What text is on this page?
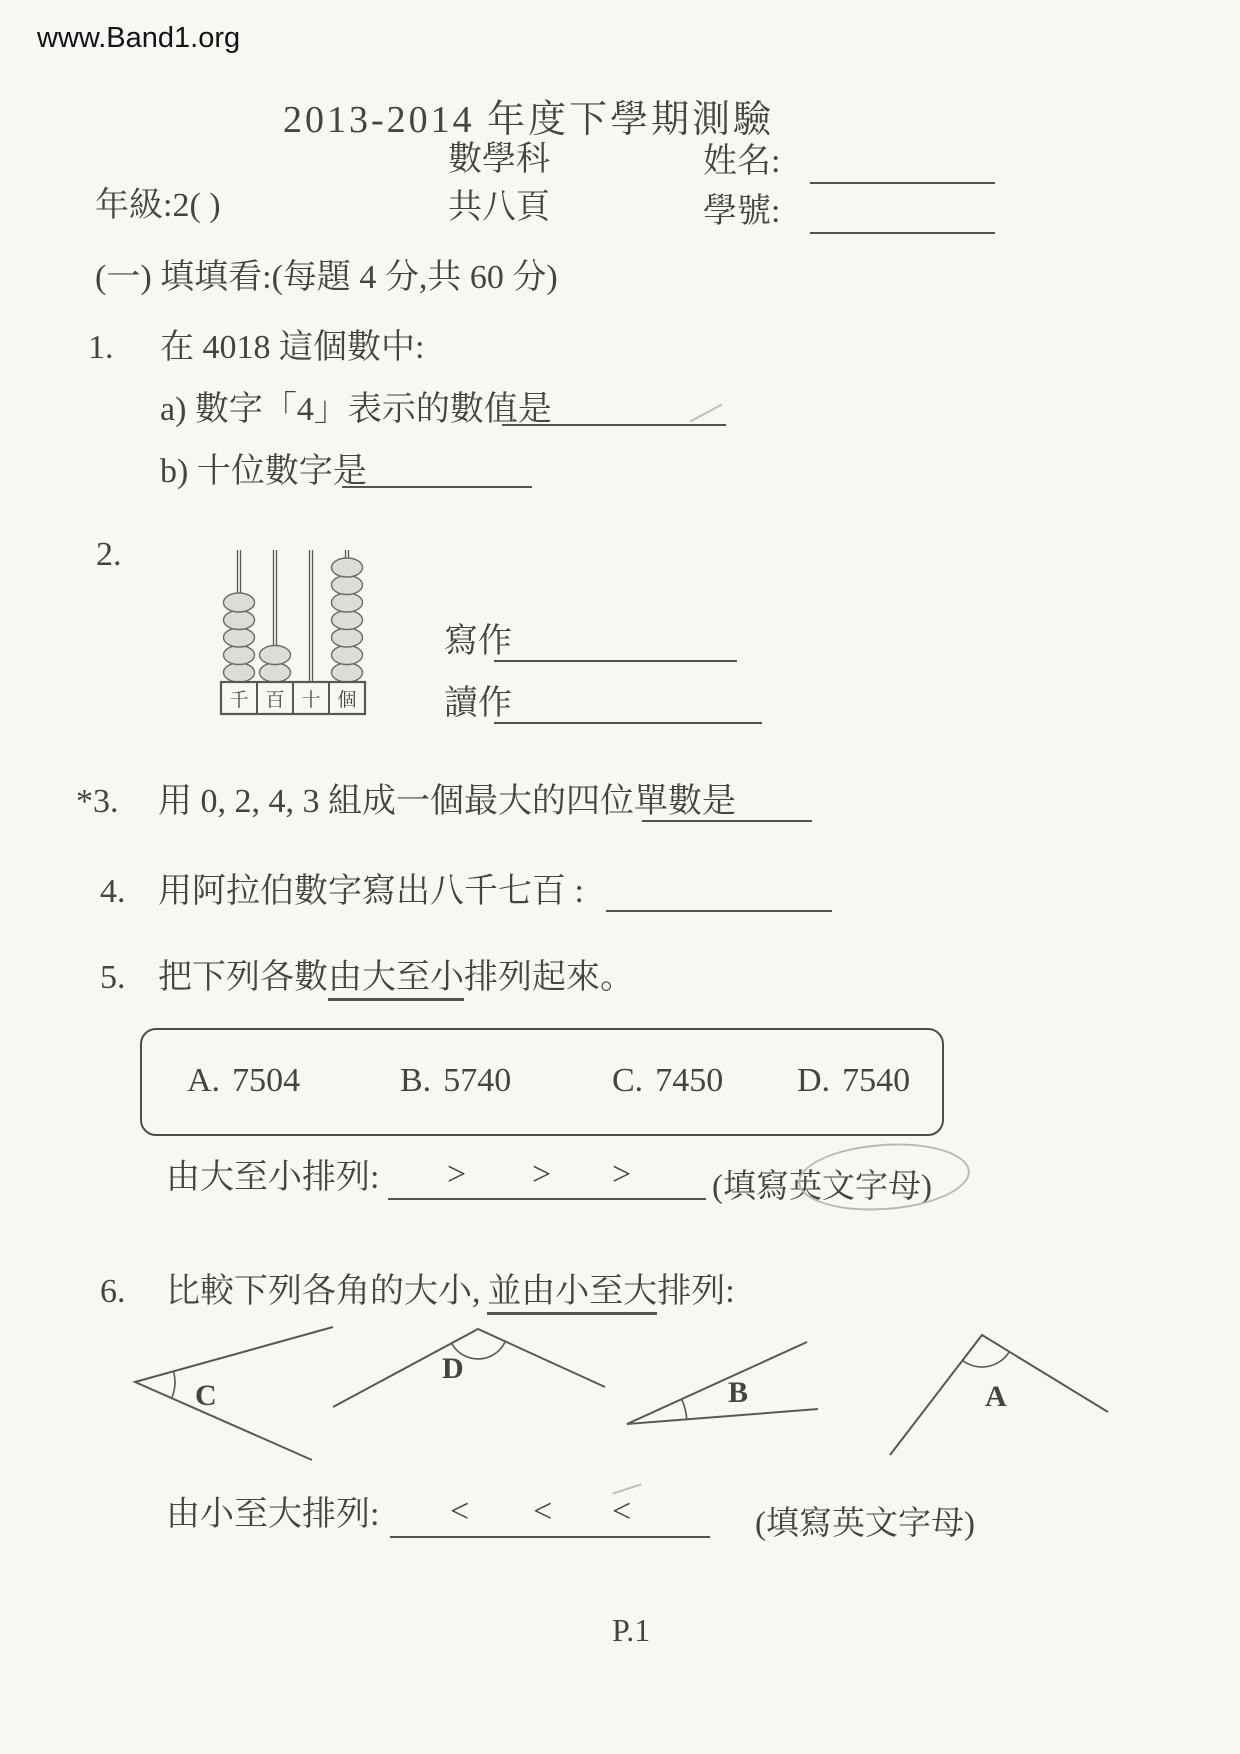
www.Band1.org
2013-2014 年度下學期測驗
數學科	姓名:
年級:2( )	共八頁	學號:
(一) 填填看:(每題 4 分,共 60 分)
1. 在 4018 這個數中:
a) 數字「4」表示的數值是
b) 十位數字是
2.
千 百 十 個
寫作
讀作
*3. 用 0, 2, 4, 3 組成一個最大的四位單數是
4. 用阿拉伯數字寫出八千七百 :
5. 把下列各數由大至小排列起來。
A. 7504	B. 5740	C. 7450 D. 7540
由大至小排列: > > > (填寫英文字母)
6. 比較下列各角的大小,  並由小至大排列:
C
D
B	A
由小至大排列: < < <	(填寫英文字母)
P.1
